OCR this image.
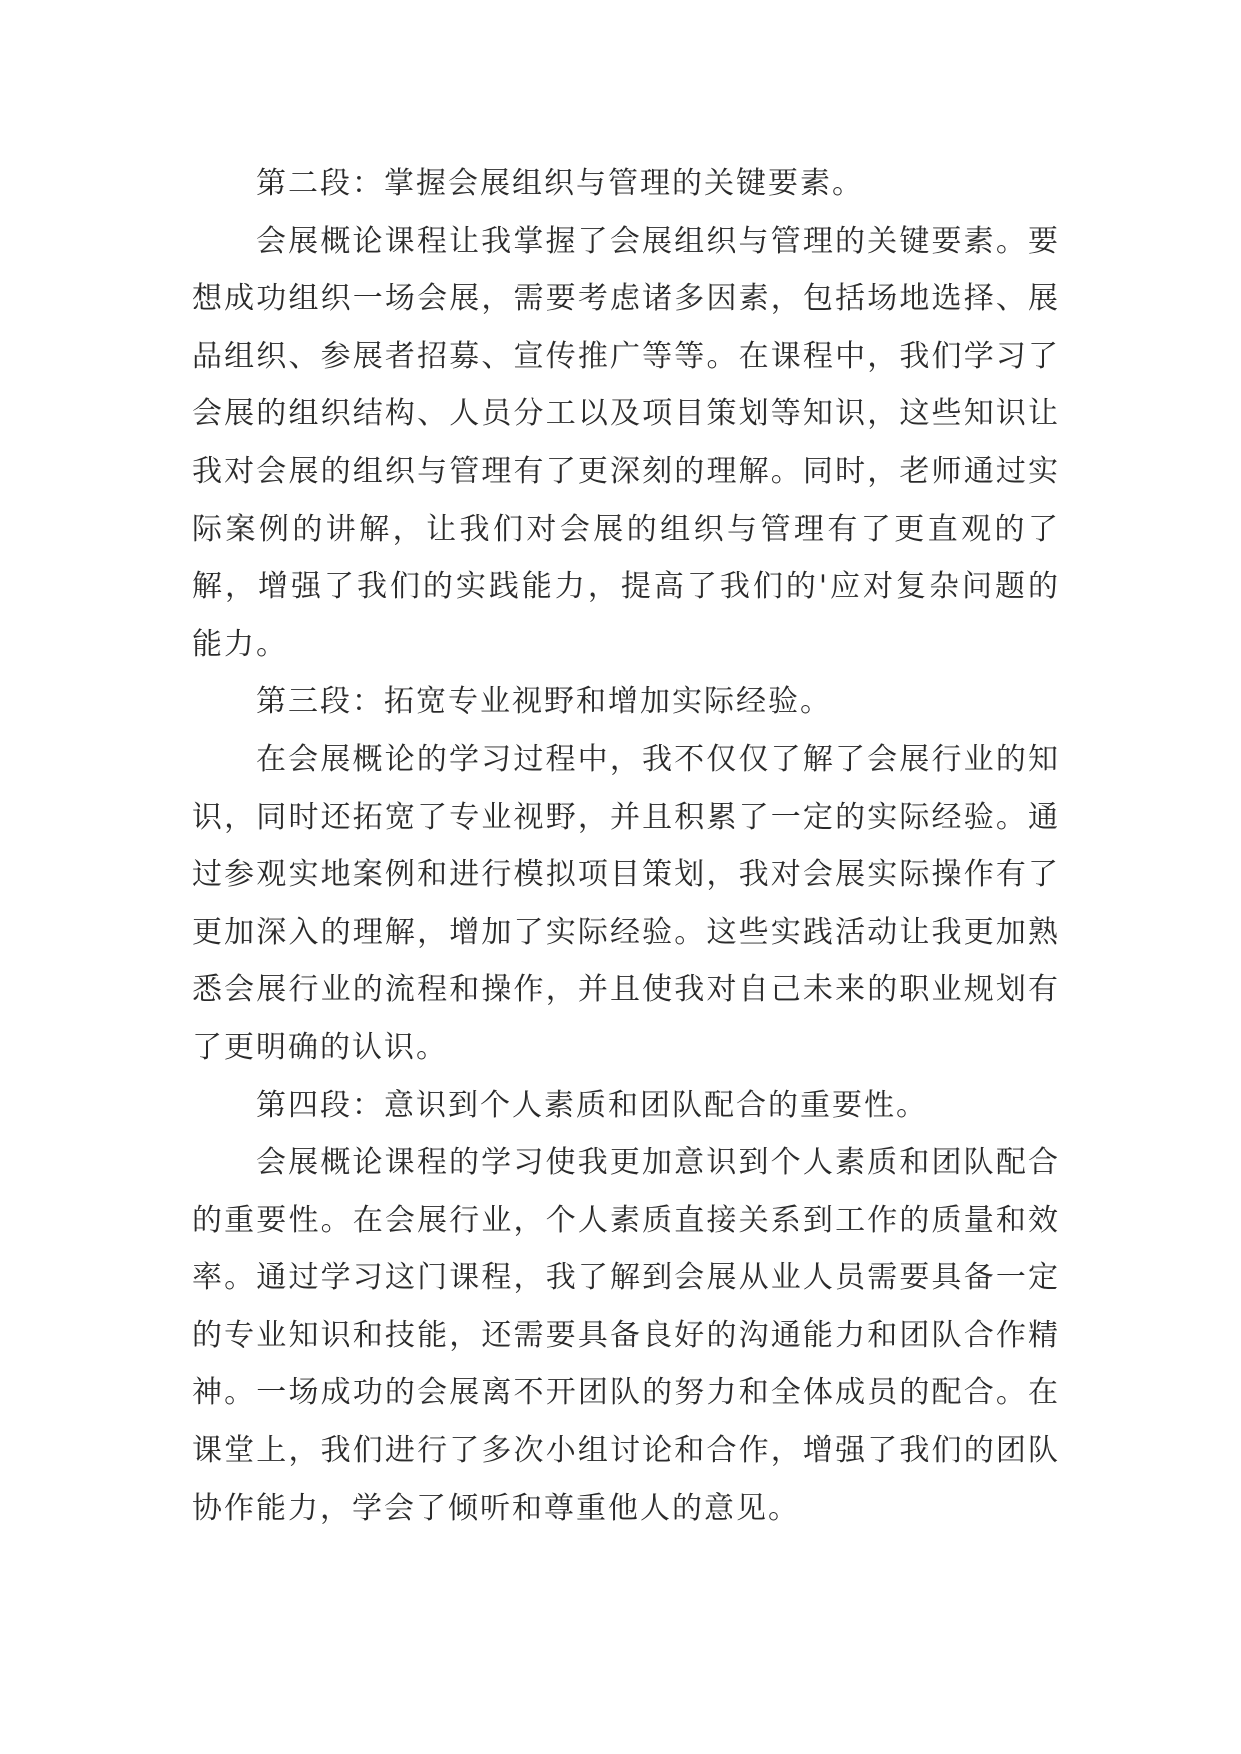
第二段：掌握会展组织与管理的关键要素。

会展概论课程让我掌握了会展组织与管理的关键要素。要想成功组织一场会展，需要考虑诸多因素，包括场地选择、展品组织、参展者招募、宣传推广等等。在课程中，我们学习了会展的组织结构、人员分工以及项目策划等知识，这些知识让我对会展的组织与管理有了更深刻的理解。同时，老师通过实际案例的讲解，让我们对会展的组织与管理有了更直观的了解，增强了我们的实践能力，提高了我们的'应对复杂问题的能力。

第三段：拓宽专业视野和增加实际经验。

在会展概论的学习过程中，我不仅仅了解了会展行业的知识，同时还拓宽了专业视野，并且积累了一定的实际经验。通过参观实地案例和进行模拟项目策划，我对会展实际操作有了更加深入的理解，增加了实际经验。这些实践活动让我更加熟悉会展行业的流程和操作，并且使我对自己未来的职业规划有了更明确的认识。

第四段：意识到个人素质和团队配合的重要性。

会展概论课程的学习使我更加意识到个人素质和团队配合的重要性。在会展行业，个人素质直接关系到工作的质量和效率。通过学习这门课程，我了解到会展从业人员需要具备一定的专业知识和技能，还需要具备良好的沟通能力和团队合作精神。一场成功的会展离不开团队的努力和全体成员的配合。在课堂上，我们进行了多次小组讨论和合作，增强了我们的团队协作能力，学会了倾听和尊重他人的意见。
